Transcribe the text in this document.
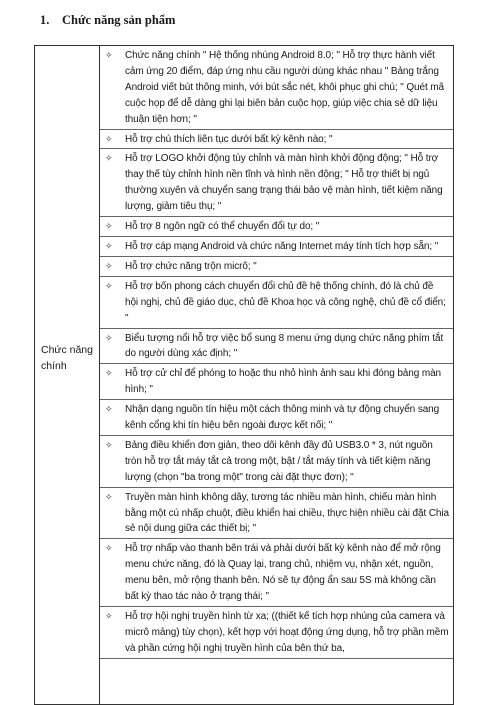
1. Chức năng sản phẩm
Chức năng chính
✧	Chức năng chính " Hệ thống nhúng Android 8.0; " Hỗ trợ thực hành viết cảm ứng 20 điểm, đáp ứng nhu cầu người dùng khác nhau " Bảng trắng Android viết bút thông minh, với bút sắc nét, khôi phục ghi chú; " Quét mã cuộc họp để dễ dàng ghi lại biên bản cuộc họp, giúp việc chia sẻ dữ liệu thuận tiện hơn; "
✧	Hỗ trợ chú thích liên tục dưới bất kỳ kênh nào; "
✧	Hỗ trợ LOGO khởi động tùy chỉnh và màn hình khởi động động; " Hỗ trợ thay thế tùy chỉnh hình nền tĩnh và hình nền động; " Hỗ trợ thiết bị ngủ thường xuyên và chuyển sang trạng thái bảo vệ màn hình, tiết kiệm năng lượng, giảm tiêu thụ; "
✧	Hỗ trợ 8 ngôn ngữ có thể chuyển đổi tự do; "
✧	Hỗ trợ cáp mạng Android và chức năng Internet máy tính tích hợp sẵn; "
✧	Hỗ trợ chức năng trộn micrô; "
✧	Hỗ trợ bốn phong cách chuyển đổi chủ đề hệ thống chính, đó là chủ đề hội nghị, chủ đề giáo dục, chủ đề Khoa học và công nghệ, chủ đề cổ điển; "
✧	Biểu tượng nổi hỗ trợ việc bổ sung 8 menu ứng dụng chức năng phím tắt do người dùng xác định; "
✧	Hỗ trợ cử chỉ để phóng to hoặc thu nhỏ hình ảnh sau khi đóng bảng màn hình; "
✧	Nhận dạng nguồn tín hiệu một cách thông minh và tự động chuyển sang kênh cổng khi tín hiệu bên ngoài được kết nối; "
✧	Bảng điều khiển đơn giản, theo dõi kênh đầy đủ USB3.0 * 3, nút nguồn tròn hỗ trợ tắt máy tắt cả trong một, bật / tắt máy tính và tiết kiệm năng lượng (chọn "ba trong một" trong cài đặt thực đơn); "
✧	Truyền màn hình không dây, tương tác nhiều màn hình, chiếu màn hình bằng một cú nhấp chuột, điều khiển hai chiều, thực hiện nhiều cài đặt Chia sẻ nội dung giữa các thiết bị; "
✧	Hỗ trợ nhấp vào thanh bên trái và phải dưới bất kỳ kênh nào để mở rộng menu chức năng, đó là Quay lại, trang chủ, nhiệm vụ, nhận xét, nguồn, menu bên, mở rộng thanh bên. Nó sẽ tự động ẩn sau 5S mà không cần bất kỳ thao tác nào ở trạng thái; "
✧	Hỗ trợ hội nghị truyền hình từ xa; ((thiết kế tích hợp nhúng của camera và micrô mảng) tùy chọn), kết hợp với hoạt động ứng dụng, hỗ trợ phần mềm và phần cứng hội nghị truyền hình của bên thứ ba,
